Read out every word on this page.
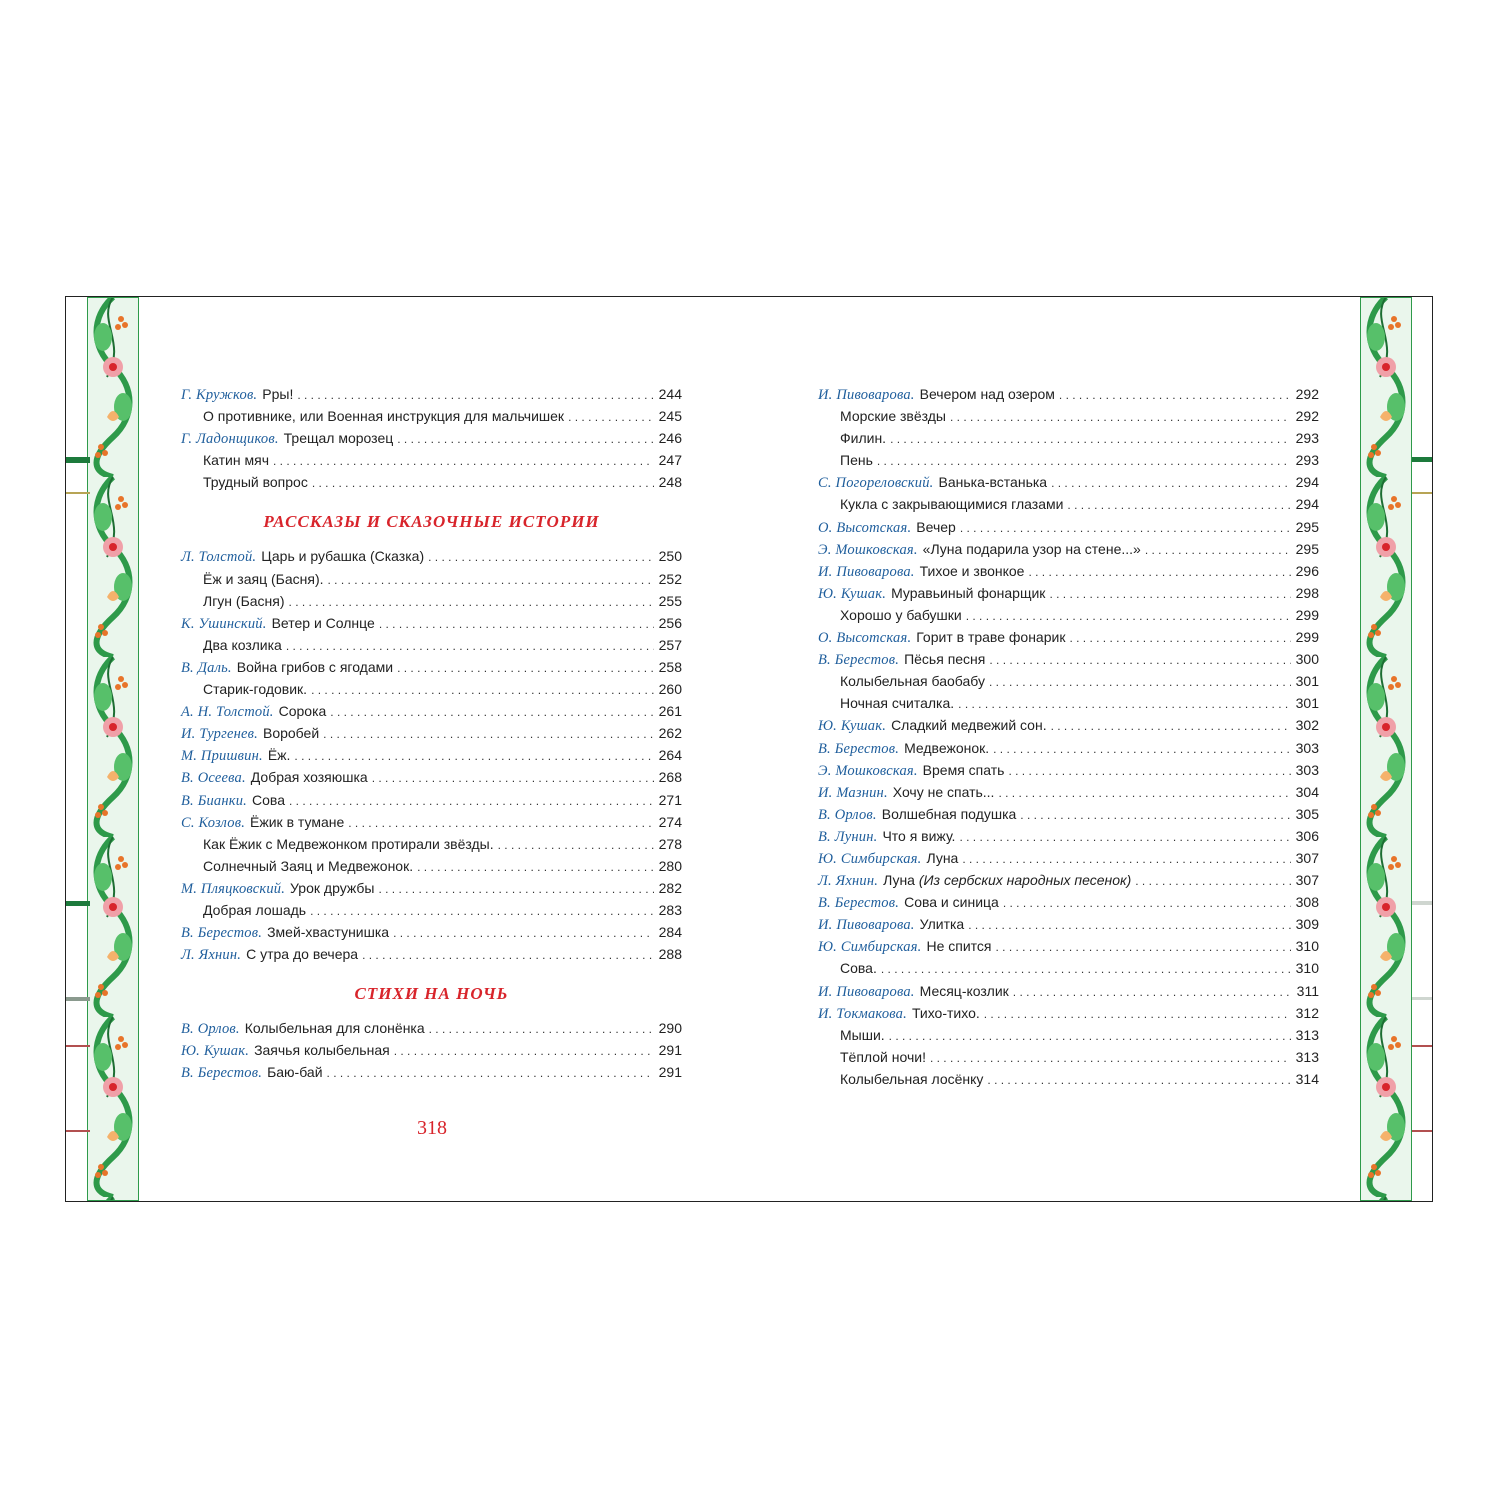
Г. Кружков. Рры! . . .	244
О противнике, или Военная инструкция для мальчишек . . .	245
Г. Ладонщиков. Трещал морозец . . .	246
Катин мяч . . .	247
Трудный вопрос . . .	248
РАССКАЗЫ И СКАЗОЧНЫЕ ИСТОРИИ
Л. Толстой. Царь и рубашка (Сказка) . . .	250
Ёж и заяц (Басня). . . .	252
Лгун (Басня) . . .	255
К. Ушинский. Ветер и Солнце . . .	256
Два козлика . . .	257
В. Даль. Война грибов с ягодами . . .	258
Старик-годовик. . . .	260
А. Н. Толстой. Сорока . . .	261
И. Тургенев. Воробей . . .	262
М. Пришвин. Ёж. . . .	264
В. Осеева. Добрая хозяюшка . . .	268
В. Бианки. Сова . . .	271
С. Козлов. Ёжик в тумане . . .	274
Как Ёжик с Медвежонком протирали звёзды. . . .	278
Солнечный Заяц и Медвежонок. . . .	280
М. Пляцковский. Урок дружбы . . .	282
Добрая лошадь . . .	283
В. Берестов. Змей-хвастунишка . . .	284
Л. Яхнин. С утра до вечера . . .	288
СТИХИ НА НОЧЬ
В. Орлов. Колыбельная для слонёнка . . .	290
Ю. Кушак. Заячья колыбельная . . .	291
В. Берестов. Баю-бай . . .	291
И. Пивоварова. Вечером над озером . . .	292
Морские звёзды . . .	292
Филин. . . .	293
Пень . . .	293
С. Погореловский. Ванька-встанька . . .	294
Кукла с закрывающимися глазами . . .	294
О. Высотская. Вечер . . .	295
Э. Мошковская. «Луна подарила узор на стене...» . . .	295
И. Пивоварова. Тихое и звонкое . . .	296
Ю. Кушак. Муравьиный фонарщик . . .	298
Хорошо у бабушки . . .	299
О. Высотская. Горит в траве фонарик . . .	299
В. Берестов. Пёсья песня . . .	300
Колыбельная баобабу . . .	301
Ночная считалка. . . .	301
Ю. Кушак. Сладкий медвежий сон. . . .	302
В. Берестов. Медвежонок. . . .	303
Э. Мошковская. Время спать . . .	303
И. Мазнин. Хочу не спать... . . .	304
В. Орлов. Волшебная подушка . . .	305
В. Лунин. Что я вижу. . . .	306
Ю. Симбирская. Луна . . .	307
Л. Яхнин. Луна (Из сербских народных песенок) . . .	307
В. Берестов. Сова и синица . . .	308
И. Пивоварова. Улитка . . .	309
Ю. Симбирская. Не спится . . .	310
Сова. . . .	310
И. Пивоварова. Месяц-козлик . . .	311
И. Токмакова. Тихо-тихо. . . .	312
Мыши. . . .	313
Тёплой ночи! . . .	313
Колыбельная лосёнку . . .	314
318
